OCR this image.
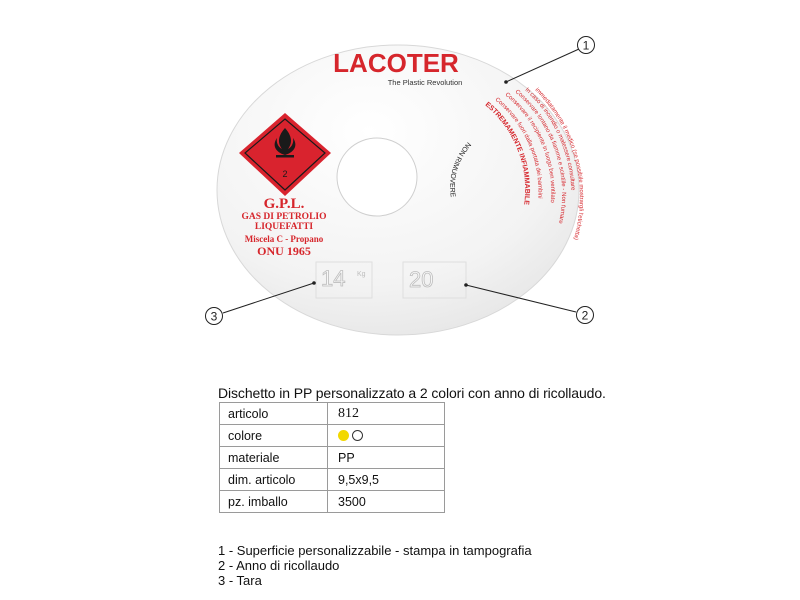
LACOTER
The Plastic Revolution
2
G.P.L.
GAS DI PETROLIO
LIQUEFATTI
Miscela C - Propano
ONU 1965
14 Kg 20
NON RIMUOVERE
ESTREMAMENTE INFIAMMABILE
Conservare fuori dalla portata dei bambini
Conservare il recipiente in luogo ben ventilato
Conservare lontano da fiamme e scintille - Non fumare
In caso di incendio o malessere consultare
immediatamente il medico (se possibile mostrargli l'etichetta)
1
2
3
Dischetto in PP personalizzato a 2 colori con anno di ricollaudo.
articolo	812
colore	
materiale	PP
dim. articolo	9,5x9,5
pz. imballo	3500
1 - Superficie personalizzabile - stampa in tampografia
2 - Anno di ricollaudo
3 - Tara
